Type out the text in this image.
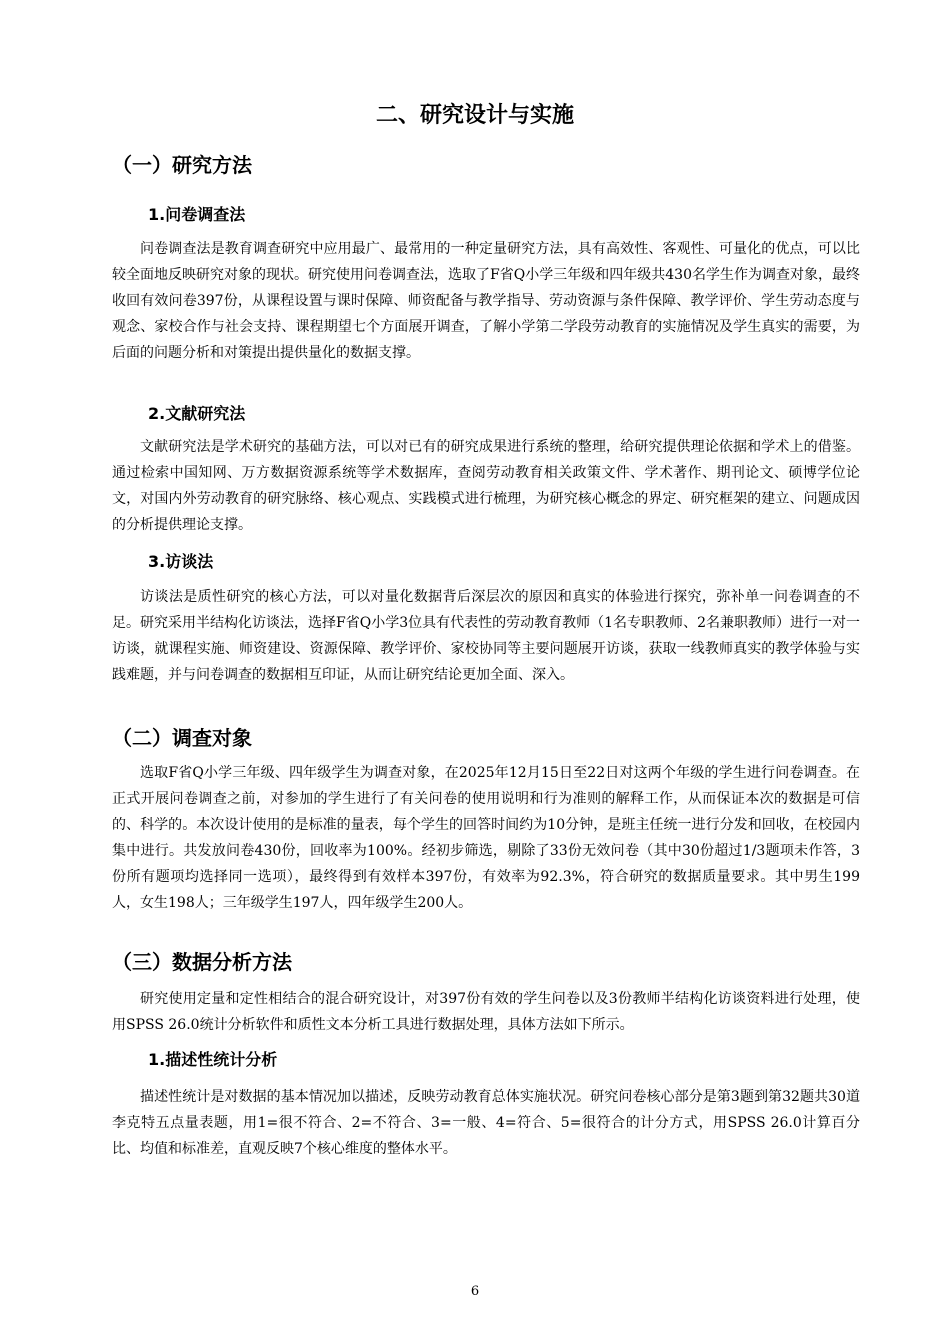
二、研究设计与实施
（一）研究方法
1.问卷调查法

问卷调查法是教育调查研究中应用最广、最常用的一种定量研究方法，具有高效性、客观性、可量化的优点，可以比较全面地反映研究对象的现状。研究使用问卷调查法，选取了F省Q小学三年级和四年级共430名学生作为调查对象，最终收回有效问卷397份，从课程设置与课时保障、师资配备与教学指导、劳动资源与条件保障、教学评价、学生劳动态度与观念、家校合作与社会支持、课程期望七个方面展开调查，了解小学第二学段劳动教育的实施情况及学生真实的需要，为后面的问题分析和对策提出提供量化的数据支撑。

2.文献研究法

文献研究法是学术研究的基础方法，可以对已有的研究成果进行系统的整理，给研究提供理论依据和学术上的借鉴。通过检索中国知网、万方数据资源系统等学术数据库，查阅劳动教育相关政策文件、学术著作、期刊论文、硕博学位论文，对国内外劳动教育的研究脉络、核心观点、实践模式进行梳理，为研究核心概念的界定、研究框架的建立、问题成因的分析提供理论支撑。

3.访谈法

访谈法是质性研究的核心方法，可以对量化数据背后深层次的原因和真实的体验进行探究，弥补单一问卷调查的不足。研究采用半结构化访谈法，选择F省Q小学3位具有代表性的劳动教育教师（1名专职教师、2名兼职教师）进行一对一访谈，就课程实施、师资建设、资源保障、教学评价、家校协同等主要问题展开访谈，获取一线教师真实的教学体验与实践难题，并与问卷调查的数据相互印证，从而让研究结论更加全面、深入。

（二）调查对象

选取F省Q小学三年级、四年级学生为调查对象，在2025年12月15日至22日对这两个年级的学生进行问卷调查。在正式开展问卷调查之前，对参加的学生进行了有关问卷的使用说明和行为准则的解释工作，从而保证本次的数据是可信的、科学的。本次设计使用的是标准的量表，每个学生的回答时间约为10分钟，是班主任统一进行分发和回收，在校园内集中进行。共发放问卷430份，回收率为100%。经初步筛选，剔除了33份无效问卷（其中30份超过1/3题项未作答，3份所有题项均选择同一选项），最终得到有效样本397份，有效率为92.3%，符合研究的数据质量要求。其中男生199人，女生198人；三年级学生197人，四年级学生200人。

（三）数据分析方法

研究使用定量和定性相结合的混合研究设计，对397份有效的学生问卷以及3份教师半结构化访谈资料进行处理，使用SPSS 26.0统计分析软件和质性文本分析工具进行数据处理，具体方法如下所示。

1.描述性统计分析

描述性统计是对数据的基本情况加以描述，反映劳动教育总体实施状况。研究问卷核心部分是第3题到第32题共30道李克特五点量表题，用1=很不符合、2=不符合、3=一般、4=符合、5=很符合的计分方式，用SPSS 26.0计算百分比、均值和标准差，直观反映7个核心维度的整体水平。

6
